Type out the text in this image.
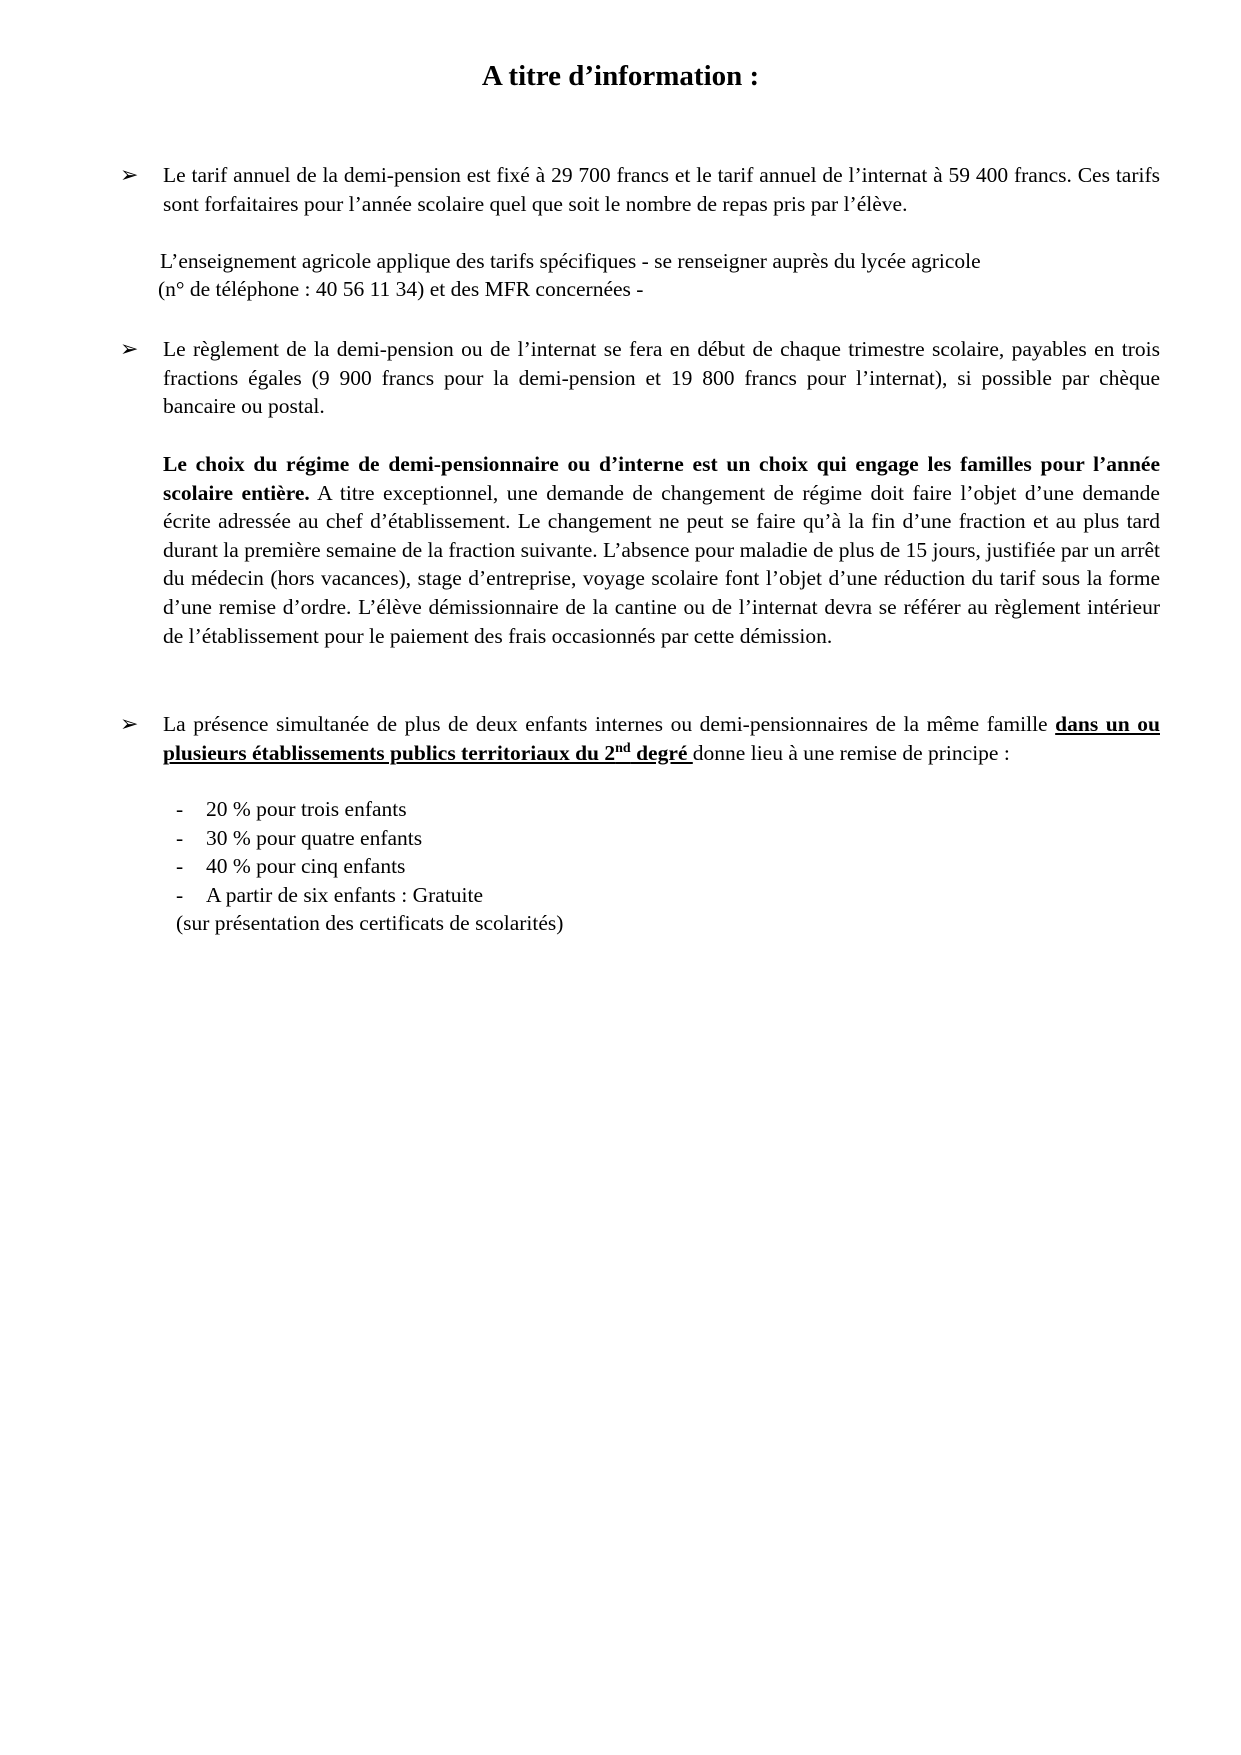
A titre d’information :
➢ Le tarif annuel de la demi-pension est fixé à 29 700 francs et le tarif annuel de l’internat à 59 400 francs. Ces tarifs sont forfaitaires pour l’année scolaire quel que soit le nombre de repas pris par l’élève.

L’enseignement agricole applique des tarifs spécifiques - se renseigner auprès du lycée agricole

(n° de téléphone : 40 56 11 34) et des MFR concernées -

➢ Le règlement de la demi-pension ou de l’internat se fera en début de chaque trimestre scolaire, payables en trois fractions égales (9 900 francs pour la demi-pension et 19 800 francs pour l’internat), si possible par chèque bancaire ou postal.

Le choix du régime de demi-pensionnaire ou d’interne est un choix qui engage les familles pour l’année scolaire entière. A titre exceptionnel, une demande de changement de régime doit faire l’objet d’une demande écrite adressée au chef d’établissement. Le changement ne peut se faire qu’à la fin d’une fraction et au plus tard durant la première semaine de la fraction suivante. L’absence pour maladie de plus de 15 jours, justifiée par un arrêt du médecin (hors vacances), stage d’entreprise, voyage scolaire font l’objet d’une réduction du tarif sous la forme d’une remise d’ordre. L’élève démissionnaire de la cantine ou de l’internat devra se référer au règlement intérieur de l’établissement pour le paiement des frais occasionnés par cette démission.

➢ La présence simultanée de plus de deux enfants internes ou demi-pensionnaires de la même famille dans un ou plusieurs établissements publics territoriaux du 2nd degré donne lieu à une remise de principe :

-	20 % pour trois enfants
-	30 % pour quatre enfants
-	40 % pour cinq enfants
-	A partir de six enfants : Gratuite

(sur présentation des certificats de scolarités)
